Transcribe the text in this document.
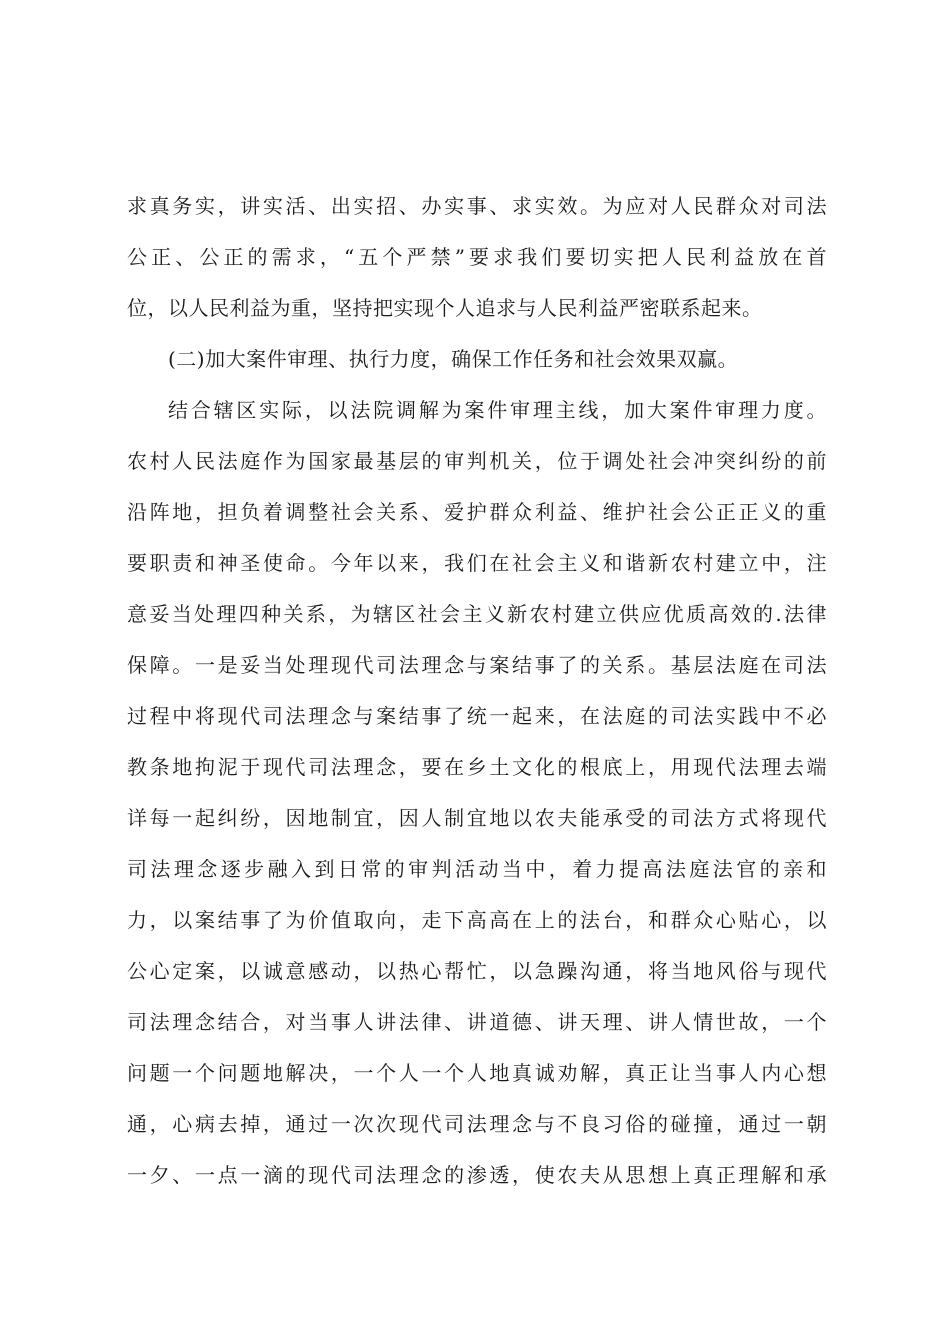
求真务实，讲实活、出实招、办实事、求实效。为应对人民群众对司法
公正、公正的需求，“五个严禁”要求我们要切实把人民利益放在首
位，以人民利益为重，坚持把实现个人追求与人民利益严密联系起来。
(二)加大案件审理、执行力度，确保工作任务和社会效果双赢。
结合辖区实际，以法院调解为案件审理主线，加大案件审理力度。
农村人民法庭作为国家最基层的审判机关，位于调处社会冲突纠纷的前
沿阵地，担负着调整社会关系、爱护群众利益、维护社会公正正义的重
要职责和神圣使命。今年以来，我们在社会主义和谐新农村建立中，注
意妥当处理四种关系，为辖区社会主义新农村建立供应优质高效的.法律
保障。一是妥当处理现代司法理念与案结事了的关系。基层法庭在司法
过程中将现代司法理念与案结事了统一起来，在法庭的司法实践中不必
教条地拘泥于现代司法理念，要在乡土文化的根底上，用现代法理去端
详每一起纠纷，因地制宜，因人制宜地以农夫能承受的司法方式将现代
司法理念逐步融入到日常的审判活动当中，着力提高法庭法官的亲和
力，以案结事了为价值取向，走下高高在上的法台，和群众心贴心，以
公心定案，以诚意感动，以热心帮忙，以急躁沟通，将当地风俗与现代
司法理念结合，对当事人讲法律、讲道德、讲天理、讲人情世故，一个
问题一个问题地解决，一个人一个人地真诚劝解，真正让当事人内心想
通，心病去掉，通过一次次现代司法理念与不良习俗的碰撞，通过一朝
一夕、一点一滴的现代司法理念的渗透，使农夫从思想上真正理解和承
